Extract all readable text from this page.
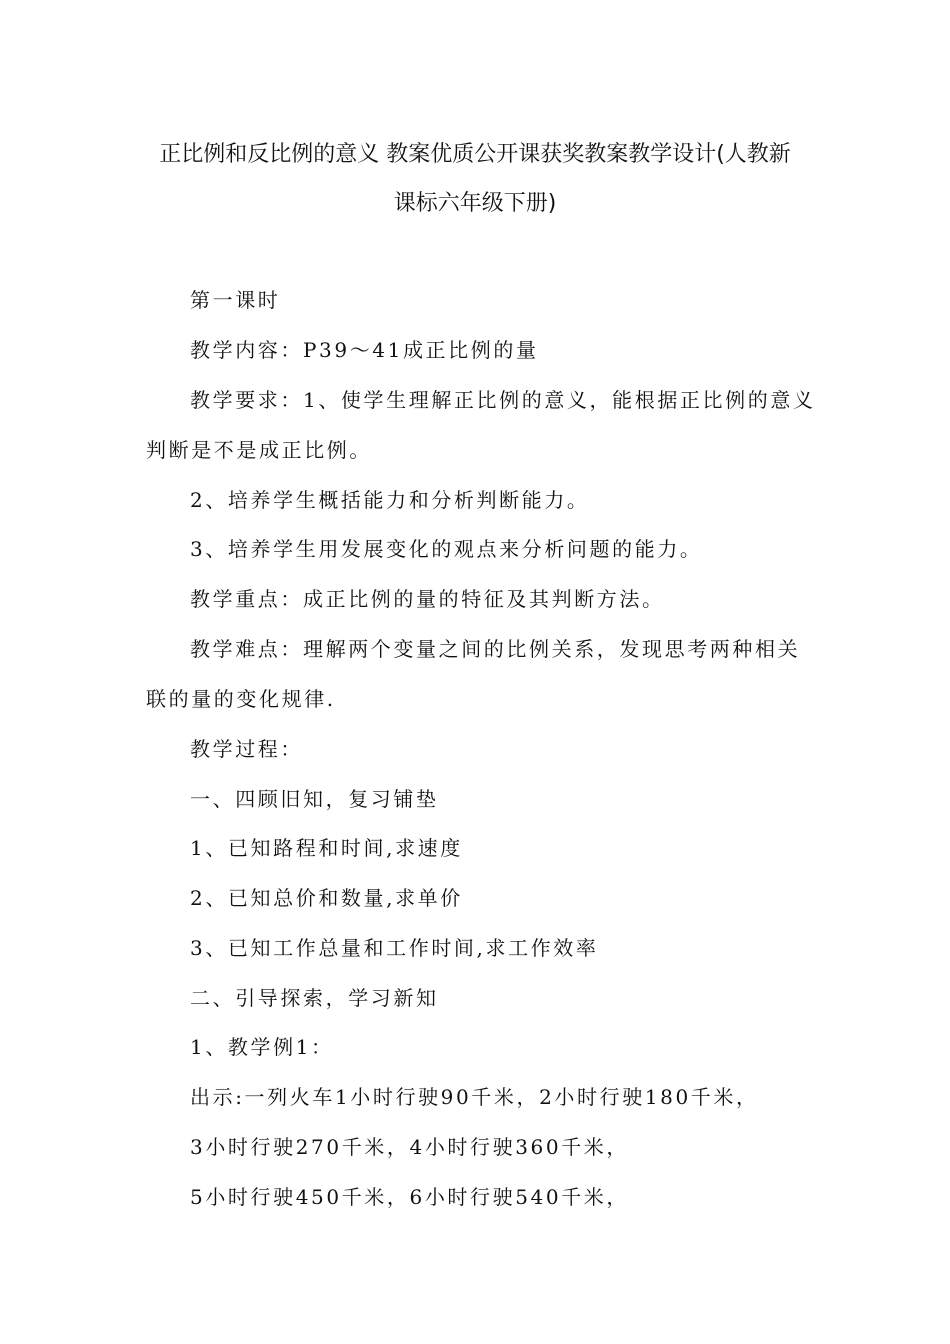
正比例和反比例的意义 教案优质公开课获奖教案教学设计(人教新
课标六年级下册)

第一课时

教学内容：P39～41成正比例的量

教学要求：1、使学生理解正比例的意义，能根据正比例的意义

判断是不是成正比例。

2、培养学生概括能力和分析判断能力。

3、培养学生用发展变化的观点来分析问题的能力。

教学重点：成正比例的量的特征及其判断方法。

教学难点：理解两个变量之间的比例关系，发现思考两种相关

联的量的变化规律.

教学过程：

一、四顾旧知，复习铺垫

1、已知路程和时间,求速度

2、已知总价和数量,求单价

3、已知工作总量和工作时间,求工作效率

二、引导探索，学习新知

1、教学例1：

出示:一列火车1小时行驶90千米，2小时行驶180千米，

3小时行驶270千米，4小时行驶360千米，

5小时行驶450千米，6小时行驶540千米，
